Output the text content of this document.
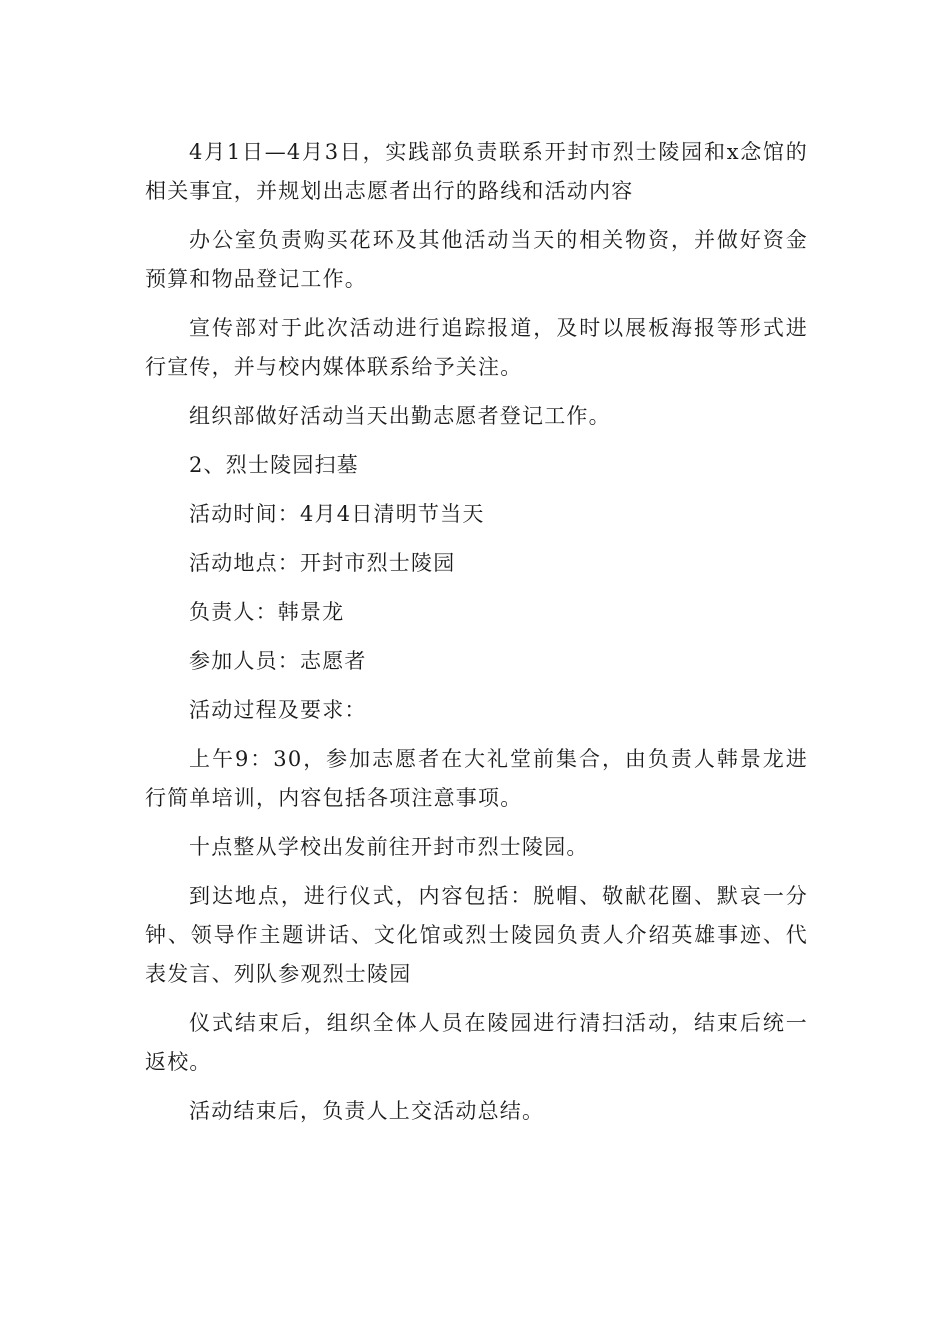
4月1日—4月3日，实践部负责联系开封市烈士陵园和x念馆的相关事宜，并规划出志愿者出行的路线和活动内容

办公室负责购买花环及其他活动当天的相关物资，并做好资金预算和物品登记工作。

宣传部对于此次活动进行追踪报道，及时以展板海报等形式进行宣传，并与校内媒体联系给予关注。

组织部做好活动当天出勤志愿者登记工作。

2、烈士陵园扫墓

活动时间：4月4日清明节当天

活动地点：开封市烈士陵园

负责人：韩景龙

参加人员：志愿者

活动过程及要求：

上午9：30，参加志愿者在大礼堂前集合，由负责人韩景龙进行简单培训，内容包括各项注意事项。

十点整从学校出发前往开封市烈士陵园。

到达地点，进行仪式，内容包括：脱帽、敬献花圈、默哀一分钟、领导作主题讲话、文化馆或烈士陵园负责人介绍英雄事迹、代表发言、列队参观烈士陵园

仪式结束后，组织全体人员在陵园进行清扫活动，结束后统一返校。

活动结束后，负责人上交活动总结。
